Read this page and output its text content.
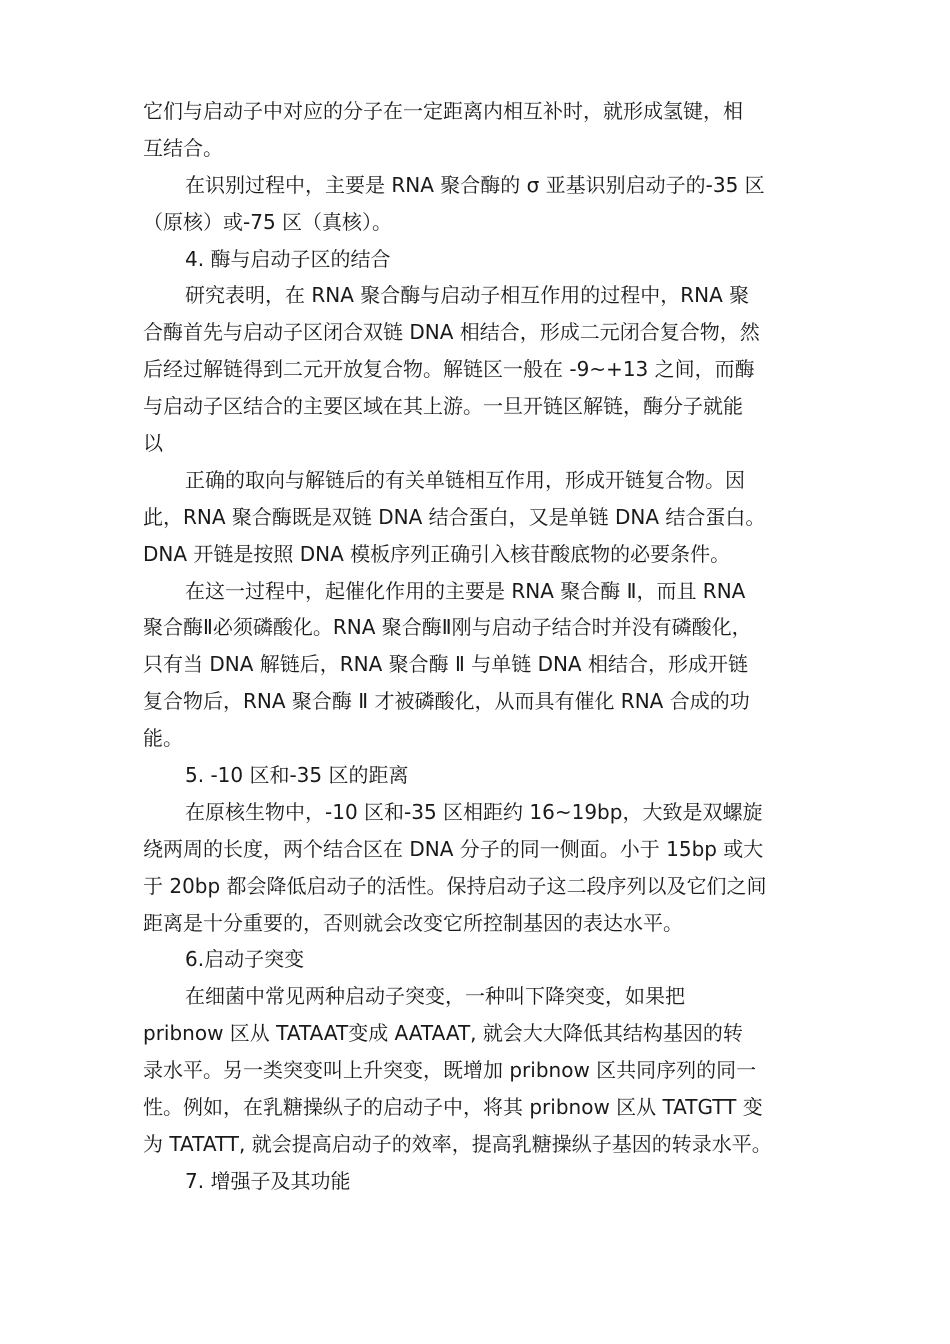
它们与启动子中对应的分子在一定距离内相互补时，就形成氢键，相
互结合。
在识别过程中，主要是 RNA 聚合酶的 σ 亚基识别启动子的-35 区
（原核）或-75 区（真核）。
4. 酶与启动子区的结合
研究表明，在 RNA 聚合酶与启动子相互作用的过程中，RNA 聚
合酶首先与启动子区闭合双链 DNA 相结合，形成二元闭合复合物，然
后经过解链得到二元开放复合物。解链区一般在 -9~+13 之间，而酶
与启动子区结合的主要区域在其上游。一旦开链区解链，酶分子就能
以
正确的取向与解链后的有关单链相互作用，形成开链复合物。因
此，RNA 聚合酶既是双链 DNA 结合蛋白，又是单链 DNA 结合蛋白。
DNA 开链是按照 DNA 模板序列正确引入核苷酸底物的必要条件。
在这一过程中，起催化作用的主要是 RNA 聚合酶 Ⅱ，而且 RNA
聚合酶Ⅱ必须磷酸化。RNA 聚合酶Ⅱ刚与启动子结合时并没有磷酸化，
只有当 DNA 解链后，RNA 聚合酶 Ⅱ 与单链 DNA 相结合，形成开链
复合物后，RNA 聚合酶 Ⅱ 才被磷酸化，从而具有催化 RNA 合成的功
能。
5. -10 区和-35 区的距离
在原核生物中，-10 区和-35 区相距约 16~19bp，大致是双螺旋
绕两周的长度，两个结合区在 DNA 分子的同一侧面。小于 15bp 或大
于 20bp 都会降低启动子的活性。保持启动子这二段序列以及它们之间
距离是十分重要的，否则就会改变它所控制基因的表达水平。
6.启动子突变
在细菌中常见两种启动子突变，一种叫下降突变，如果把
pribnow 区从 TATAAT变成 AATAAT, 就会大大降低其结构基因的转
录水平。另一类突变叫上升突变，既增加 pribnow 区共同序列的同一
性。例如，在乳糖操纵子的启动子中，将其 pribnow 区从 TATGTT 变
为 TATATT, 就会提高启动子的效率，提高乳糖操纵子基因的转录水平。
7. 增强子及其功能
